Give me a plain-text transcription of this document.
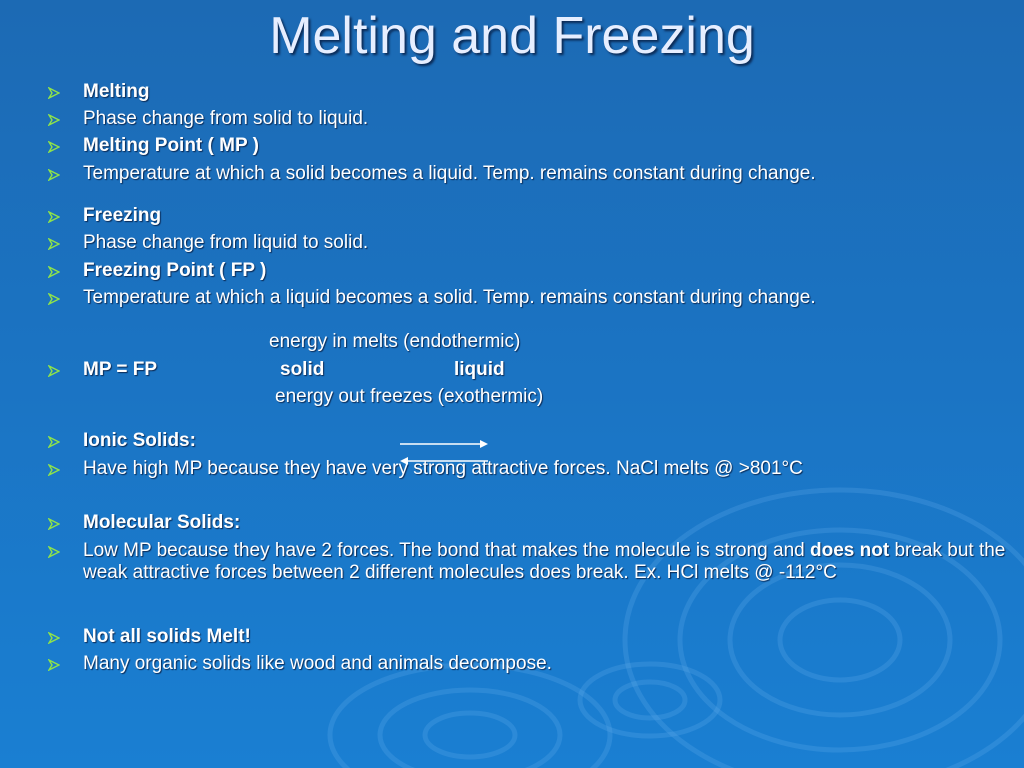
Melting and Freezing
Melting
Phase change from solid to liquid.
Melting Point ( MP )
Temperature at which a solid becomes a liquid. Temp. remains constant during change.
Freezing
Phase change from liquid to solid.
Freezing Point ( FP )
Temperature at which a liquid becomes a solid. Temp. remains constant during change.
energy in melts (endothermic)
MP = FP	solid	liquid
energy out freezes (exothermic)
Ionic Solids:
Have high MP because they have very strong attractive forces. NaCl melts @ >801°C
Molecular Solids:
Low MP because they have 2 forces. The bond that makes the molecule is strong and does not break but the weak attractive forces between 2 different molecules does break. Ex. HCl melts @ -112°C
Not all solids Melt!
Many organic solids like wood and animals decompose.
